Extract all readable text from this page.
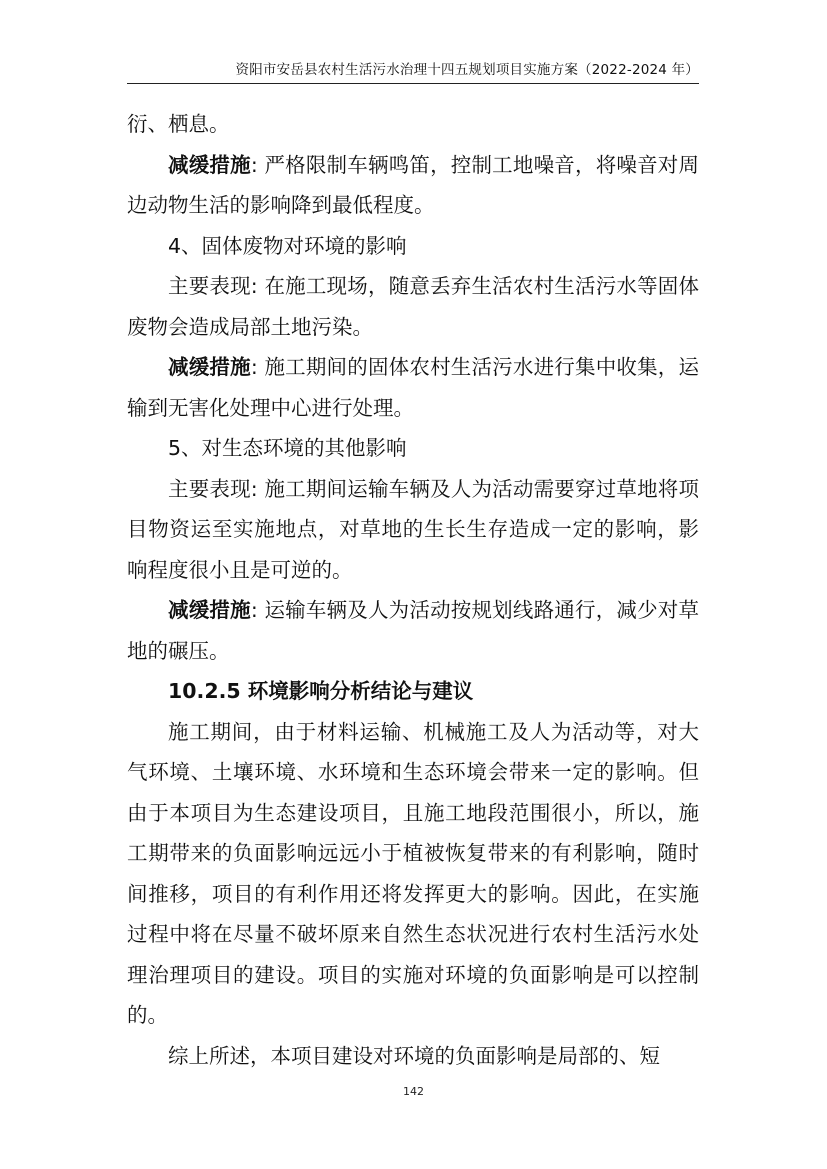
资阳市安岳县农村生活污水治理十四五规划项目实施方案（2022-2024 年）

衍、栖息。

减缓措施: 严格限制车辆鸣笛，控制工地噪音，将噪音对周边动物生活的影响降到最低程度。

4、固体废物对环境的影响

主要表现: 在施工现场，随意丢弃生活农村生活污水等固体废物会造成局部土地污染。

减缓措施: 施工期间的固体农村生活污水进行集中收集，运输到无害化处理中心进行处理。

5、对生态环境的其他影响

主要表现: 施工期间运输车辆及人为活动需要穿过草地将项目物资运至实施地点，对草地的生长生存造成一定的影响，影响程度很小且是可逆的。

减缓措施: 运输车辆及人为活动按规划线路通行，减少对草地的碾压。

10.2.5 环境影响分析结论与建议

施工期间，由于材料运输、机械施工及人为活动等，对大气环境、土壤环境、水环境和生态环境会带来一定的影响。但由于本项目为生态建设项目，且施工地段范围很小，所以，施工期带来的负面影响远远小于植被恢复带来的有利影响，随时间推移，项目的有利作用还将发挥更大的影响。因此，在实施过程中将在尽量不破坏原来自然生态状况进行农村生活污水处理治理项目的建设。项目的实施对环境的负面影响是可以控制的。

综上所述，本项目建设对环境的负面影响是局部的、短

142
